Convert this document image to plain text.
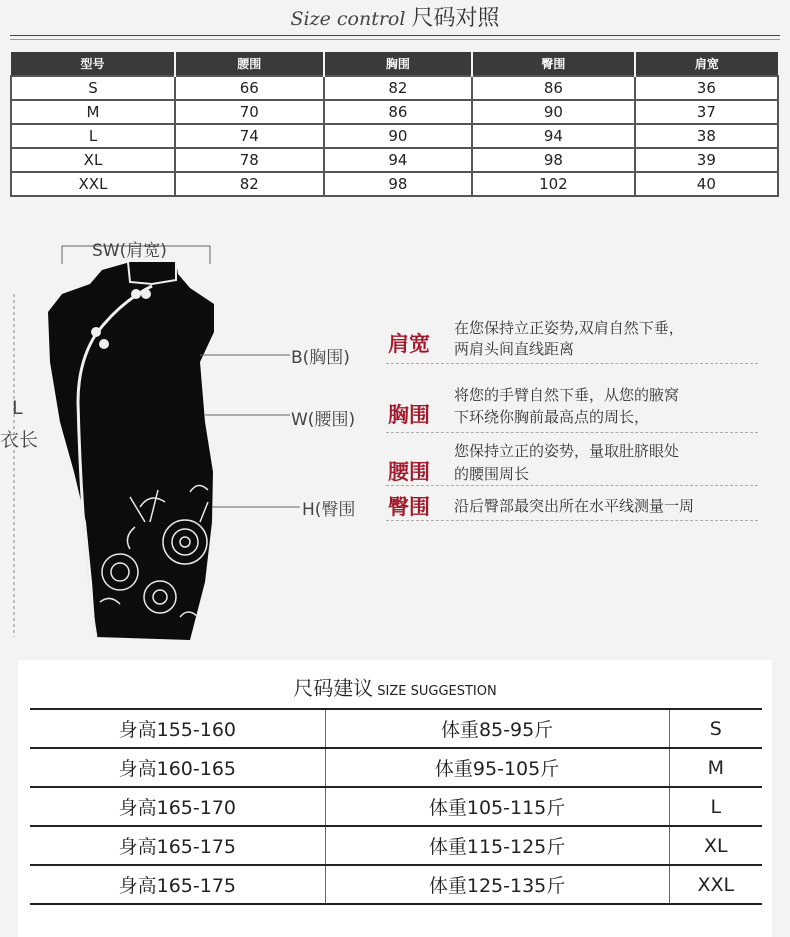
Size control 尺码对照
型号	腰围	胸围	臀围	肩宽
S	66	82	86	36
M	70	86	90	37
L	74	90	94	38
XL	78	94	98	39
XXL	82	98	102	40
SW(肩宽)
L
衣长
B(胸围)
W(腰围)
H(臀围
肩宽
在您保持立正姿势,双肩自然下垂，
两肩头间直线距离
胸围
将您的手臂自然下垂，从您的腋窝
下环绕你胸前最高点的周长，
腰围
您保持立正的姿势，量取肚脐眼处
的腰围周长
臀围 沿后臀部最突出所在水平线测量一周
尺码建议 SIZE SUGGESTION
身高155-160	体重85-95斤	S
身高160-165	体重95-105斤	M
身高165-170	体重105-115斤	L
身高165-175	体重115-125斤	XL
身高165-175	体重125-135斤	XXL
